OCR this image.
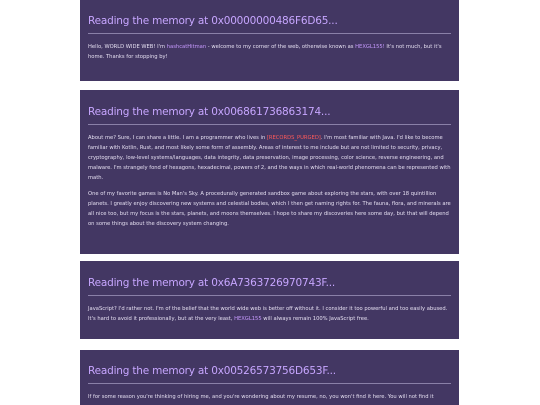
Reading the memory at 0x00000000486F6D65...

Hello, WORLD WIDE WEB! I'm hashcatHitman - welcome to my corner of the web, otherwise known as HEXGL155! It's not much, but it's home. Thanks for stopping by!

Reading the memory at 0x006861736863174...

About me? Sure, I can share a little. I am a programmer who lives in [RECORDS_PURGED]. I'm most familiar with Java. I'd like to become familiar with Kotlin, Rust, and most likely some form of assembly. Areas of interest to me include but are not limited to security, privacy, cryptography, low-level systems/languages, data integrity, data preservation, image processing, color science, reverse engineering, and malware. I'm strangely fond of hexagons, hexadecimal, powers of 2, and the ways in which real-world phenomena can be represented with math.

One of my favorite games is No Man's Sky. A procedurally generated sandbox game about exploring the stars, with over 18 quintillion planets. I greatly enjoy discovering new systems and celestial bodies, which I then get naming rights for. The fauna, flora, and minerals are all nice too, but my focus is the stars, planets, and moons themselves. I hope to share my discoveries here some day, but that will depend on some things about the discovery system changing.

Reading the memory at 0x6A7363726970743F...

JavaScript? I'd rather not. I'm of the belief that the world wide web is better off without it. I consider it too powerful and too easily abused. It's hard to avoid it professionally, but at the very least, HEXGL155 will always remain 100% JavaScript free.

Reading the memory at 0x00526573756D653F...

If for some reason you're thinking of hiring me, and you're wondering about my resume, no, you won't find it here. You will not find it
